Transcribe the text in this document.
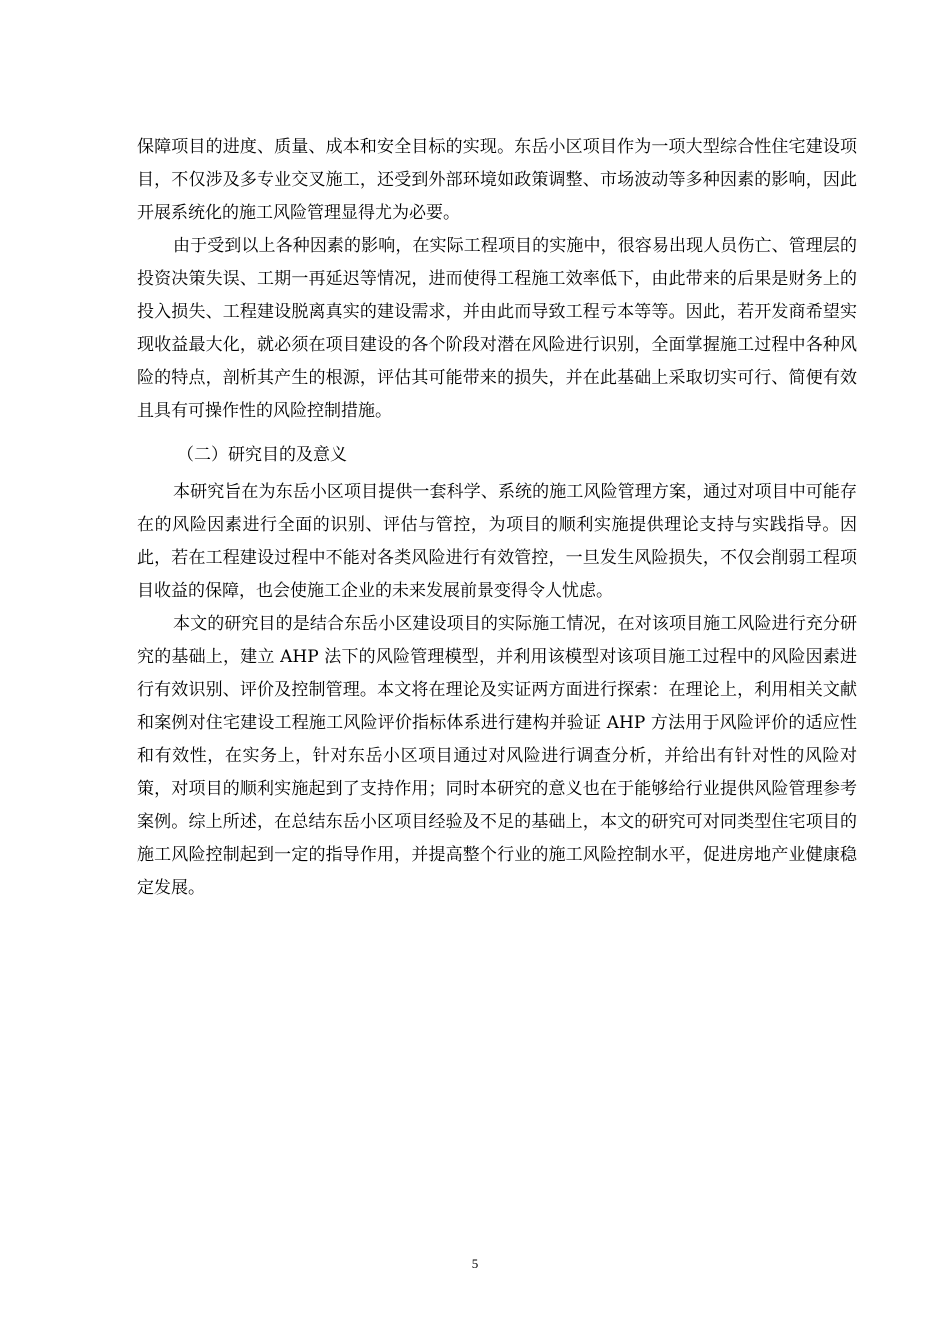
保障项目的进度、质量、成本和安全目标的实现。东岳小区项目作为一项大型综合性住宅建设项目，不仅涉及多专业交叉施工，还受到外部环境如政策调整、市场波动等多种因素的影响，因此开展系统化的施工风险管理显得尤为必要。

由于受到以上各种因素的影响，在实际工程项目的实施中，很容易出现人员伤亡、管理层的投资决策失误、工期一再延迟等情况，进而使得工程施工效率低下，由此带来的后果是财务上的投入损失、工程建设脱离真实的建设需求，并由此而导致工程亏本等等。因此，若开发商希望实现收益最大化，就必须在项目建设的各个阶段对潜在风险进行识别，全面掌握施工过程中各种风险的特点，剖析其产生的根源，评估其可能带来的损失，并在此基础上采取切实可行、简便有效且具有可操作性的风险控制措施。

（二）研究目的及意义

本研究旨在为东岳小区项目提供一套科学、系统的施工风险管理方案，通过对项目中可能存在的风险因素进行全面的识别、评估与管控，为项目的顺利实施提供理论支持与实践指导。因此，若在工程建设过程中不能对各类风险进行有效管控，一旦发生风险损失，不仅会削弱工程项目收益的保障，也会使施工企业的未来发展前景变得令人忧虑。

本文的研究目的是结合东岳小区建设项目的实际施工情况，在对该项目施工风险进行充分研究的基础上，建立 AHP 法下的风险管理模型，并利用该模型对该项目施工过程中的风险因素进行有效识别、评价及控制管理。本文将在理论及实证两方面进行探索：在理论上，利用相关文献和案例对住宅建设工程施工风险评价指标体系进行建构并验证 AHP 方法用于风险评价的适应性和有效性，在实务上，针对东岳小区项目通过对风险进行调查分析，并给出有针对性的风险对策，对项目的顺利实施起到了支持作用；同时本研究的意义也在于能够给行业提供风险管理参考案例。综上所述，在总结东岳小区项目经验及不足的基础上，本文的研究可对同类型住宅项目的施工风险控制起到一定的指导作用，并提高整个行业的施工风险控制水平，促进房地产业健康稳定发展。

5
